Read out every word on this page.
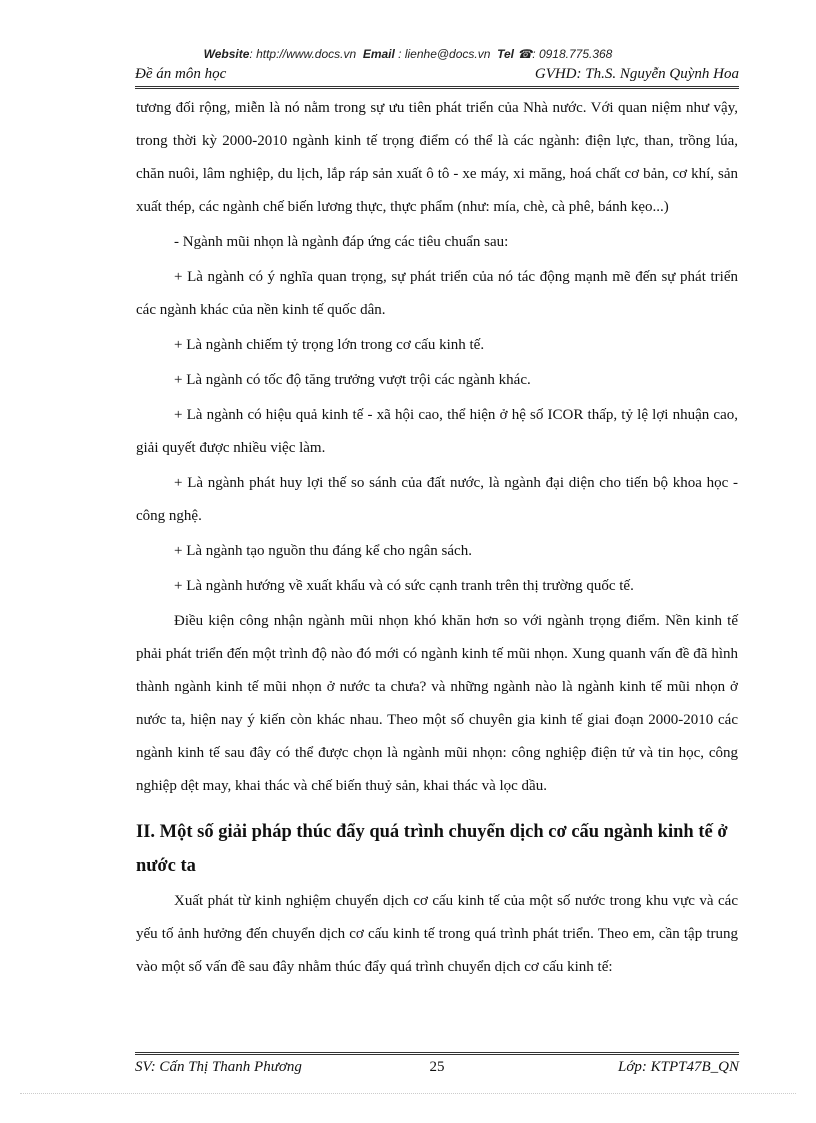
Website: http://www.docs.vn Email : lienhe@docs.vn Tel ☎: 0918.775.368
Đề án môn học	GVHD: Th.S. Nguyễn Quỳnh Hoa

tương đối rộng, miễn là nó nằm trong sự ưu tiên phát triển của Nhà nước. Với quan niệm như vậy, trong thời kỳ 2000-2010 ngành kinh tế trọng điểm có thể là các ngành: điện lực, than, trồng lúa, chăn nuôi, lâm nghiệp, du lịch, lắp ráp sản xuất ô tô - xe máy, xi măng, hoá chất cơ bản, cơ khí, sản xuất thép, các ngành chế biến lương thực, thực phẩm (như: mía, chè, cà phê, bánh kẹo...)

- Ngành mũi nhọn là ngành đáp ứng các tiêu chuẩn sau:

+ Là ngành có ý nghĩa quan trọng, sự phát triển của nó tác động mạnh mẽ đến sự phát triển các ngành khác của nền kinh tế quốc dân.

+ Là ngành chiếm tỷ trọng lớn trong cơ cấu kinh tế.

+ Là ngành có tốc độ tăng trưởng vượt trội các ngành khác.

+ Là ngành có hiệu quả kinh tế - xã hội cao, thể hiện ở hệ số ICOR thấp, tỷ lệ lợi nhuận cao, giải quyết được nhiều việc làm.

+ Là ngành phát huy lợi thế so sánh của đất nước, là ngành đại diện cho tiến bộ khoa học - công nghệ.

+ Là ngành tạo nguồn thu đáng kể cho ngân sách.

+ Là ngành hướng về xuất khẩu và có sức cạnh tranh trên thị trường quốc tế.

Điều kiện công nhận ngành mũi nhọn khó khăn hơn so với ngành trọng điểm. Nền kinh tế phải phát triển đến một trình độ nào đó mới có ngành kinh tế mũi nhọn. Xung quanh vấn đề đã hình thành ngành kinh tế mũi nhọn ở nước ta chưa? và những ngành nào là ngành kinh tế mũi nhọn ở nước ta, hiện nay ý kiến còn khác nhau. Theo một số chuyên gia kinh tế giai đoạn 2000-2010 các ngành kinh tế sau đây có thể được chọn là ngành mũi nhọn: công nghiệp điện tử và tin học, công nghiệp dệt may, khai thác và chế biến thuỷ sản, khai thác và lọc dầu.

II. Một số giải pháp thúc đẩy quá trình chuyển dịch cơ cấu ngành kinh tế ở nước ta

Xuất phát từ kinh nghiệm chuyển dịch cơ cấu kinh tế của một số nước trong khu vực và các yếu tố ảnh hưởng đến chuyển dịch cơ cấu kinh tế trong quá trình phát triển. Theo em, cần tập trung vào một số vấn đề sau đây nhằm thúc đẩy quá trình chuyển dịch cơ cấu kinh tế:

SV: Cấn Thị Thanh Phương	25	Lớp: KTPT47B_QN
